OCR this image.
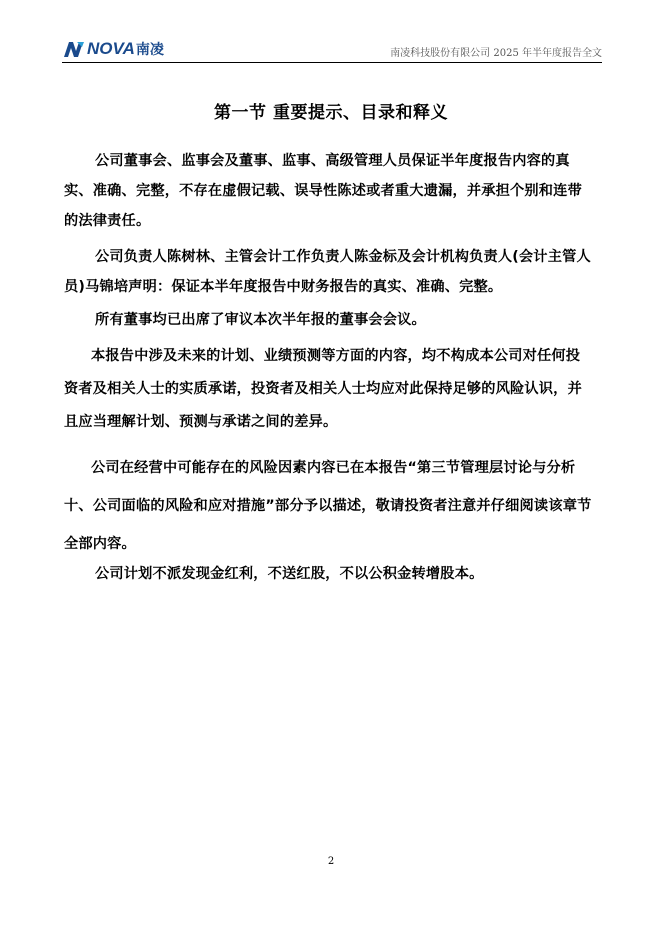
NOVA 南凌	南凌科技股份有限公司 2025 年半年度报告全文
第一节 重要提示、目录和释义

公司董事会、监事会及董事、监事、高级管理人员保证半年度报告内容的真实、准确、完整，不存在虚假记载、误导性陈述或者重大遗漏，并承担个别和连带的法律责任。

公司负责人陈树林、主管会计工作负责人陈金标及会计机构负责人(会计主管人员)马锦培声明：保证本半年度报告中财务报告的真实、准确、完整。

所有董事均已出席了审议本次半年报的董事会会议。

本报告中涉及未来的计划、业绩预测等方面的内容，均不构成本公司对任何投资者及相关人士的实质承诺，投资者及相关人士均应对此保持足够的风险认识，并且应当理解计划、预测与承诺之间的差异。

公司在经营中可能存在的风险因素内容已在本报告“第三节管理层讨论与分析十、公司面临的风险和应对措施”部分予以描述，敬请投资者注意并仔细阅读该章节全部内容。

公司计划不派发现金红利，不送红股，不以公积金转增股本。

2
